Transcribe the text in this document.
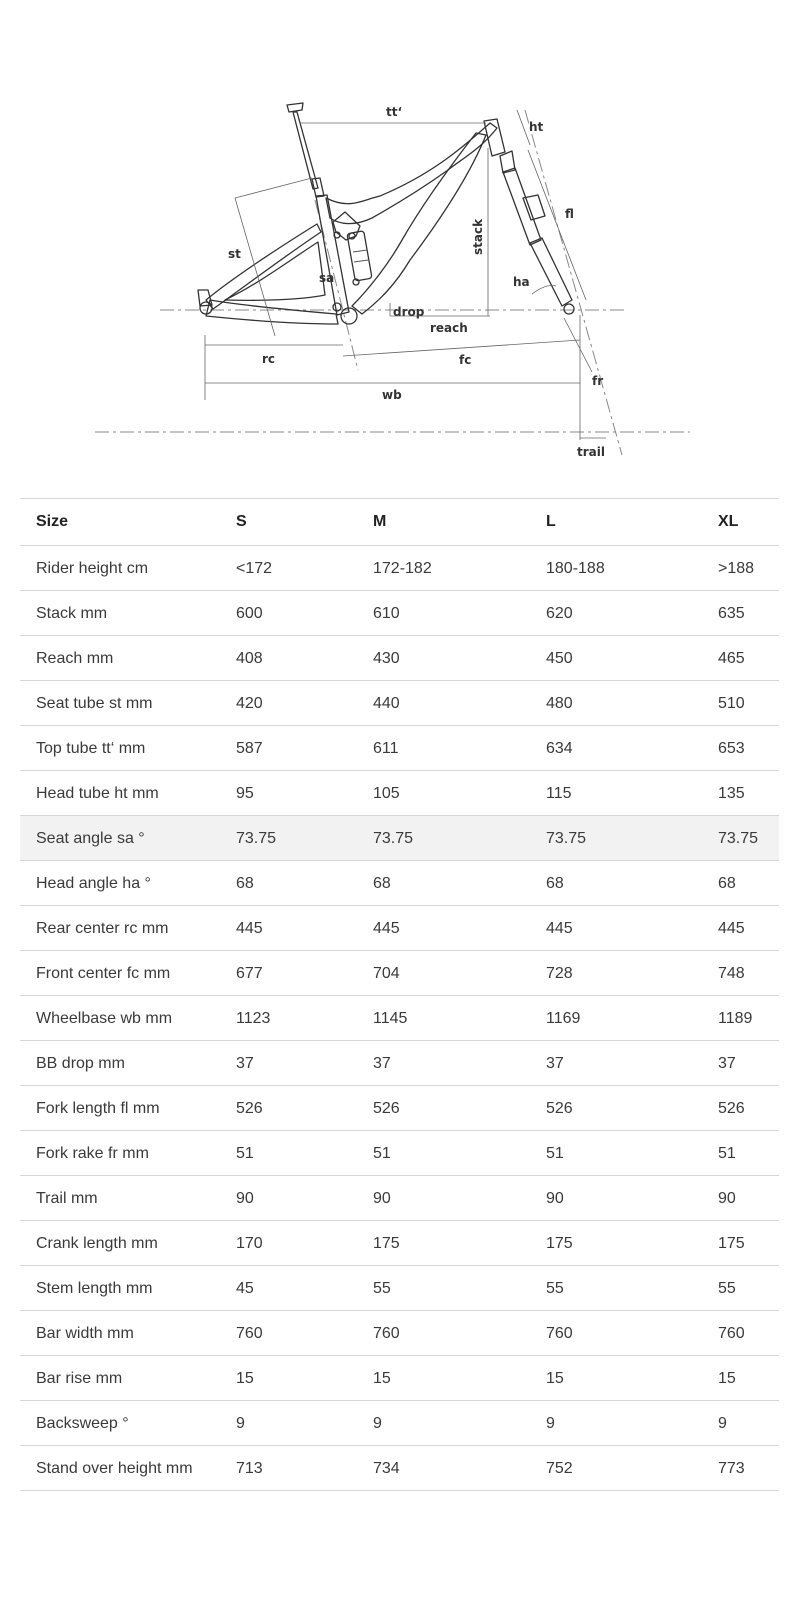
tt‘
ht
fl
st	stack
sa	ha
drop
reach
rc	fc
fr
wb
trail
Size	S	M	L	XL
Rider height cm	<172	172-182	180-188	>188
Stack mm	600	610	620	635
Reach mm	408	430	450	465
Seat tube st mm	420	440	480	510
Top tube tt‘ mm	587	611	634	653
Head tube ht mm	95	105	115	135
Seat angle sa °	73.75	73.75	73.75	73.75
Head angle ha °	68	68	68	68
Rear center rc mm	445	445	445	445
Front center fc mm	677	704	728	748
Wheelbase wb mm	1123	1145	1169	1189
BB drop mm	37	37	37	37
Fork length fl mm	526	526	526	526
Fork rake fr mm	51	51	51	51
Trail mm	90	90	90	90
Crank length mm	170	175	175	175
Stem length mm	45	55	55	55
Bar width mm	760	760	760	760
Bar rise mm	15	15	15	15
Backsweep °	9	9	9	9
Stand over height mm	713	734	752	773
